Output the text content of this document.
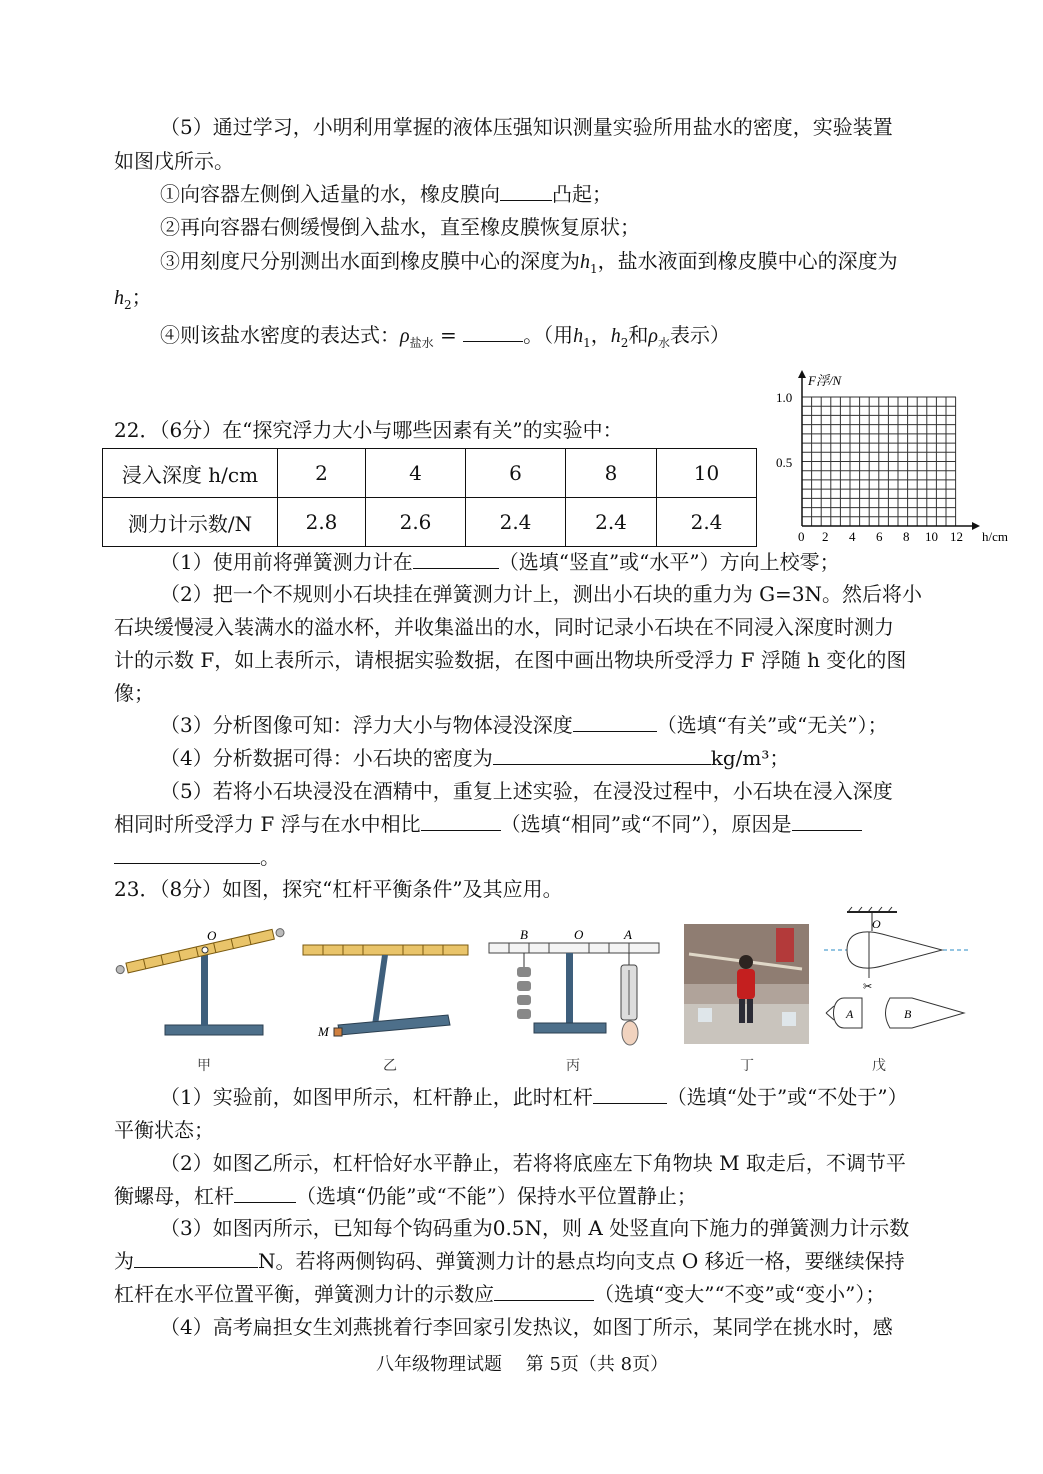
（5）通过学习，小明利用掌握的液体压强知识测量实验所用盐水的密度，实验装置
如图戊所示。
①向容器左侧倒入适量的水，橡皮膜向	凸起；
②再向容器右侧缓慢倒入盐水，直至橡皮膜恢复原状；
③用刻度尺分别测出水面到橡皮膜中心的深度为$h_1$，盐水液面到橡皮膜中心的深度为
$h_2$；
④则该盐水密度的表达式：$\rho_{盐水}$ =	。（用$h_1$，$h_2$和$\rho_水$表示）
22．（6分）在“探究浮力大小与哪些因素有关”的实验中：
浸入深度 h/cm	2	4	6	8	10
测力计示数/N	2.8	2.6	2.4	2.4	2.4
F浮/N
h/cm
1.0
0.5
0 2 4 6 8 10 12
（1）使用前将弹簧测力计在	（选填“竖直”或“水平”）方向上校零；
（2）把一个不规则小石块挂在弹簧测力计上，测出小石块的重力为 G=3N。然后将小
石块缓慢浸入装满水的溢水杯，并收集溢出的水，同时记录小石块在不同浸入深度时测力
计的示数 F，如上表所示，请根据实验数据，在图中画出物块所受浮力 F 浮随 h 变化的图
像；
（3）分析图像可知：浮力大小与物体浸没深度	（选填“有关”或“无关”）；
（4）分析数据可得：小石块的密度为	kg/m³；
（5）若将小石块浸没在酒精中，重复上述实验，在浸没过程中，小石块在浸入深度
相同时所受浮力 F 浮与在水中相比	（选填“相同”或“不同”），原因是
。
23．（8分）如图，探究“杠杆平衡条件”及其应用。
O
M
B	O	A
✂
O
A	B
甲	乙	丙	丁	戊
（1）实验前，如图甲所示，杠杆静止，此时杠杆	（选填“处于”或“不处于”）
平衡状态；
（2）如图乙所示，杠杆恰好水平静止，若将将底座左下角物块 M 取走后，不调节平
衡螺母，杠杆	（选填“仍能”或“不能”）保持水平位置静止；
（3）如图丙所示，已知每个钩码重为0.5N，则 A 处竖直向下施力的弹簧测力计示数
为	N。若将两侧钩码、弹簧测力计的悬点均向支点 O 移近一格，要继续保持
杠杆在水平位置平衡，弹簧测力计的示数应	（选填“变大”“不变”或“变小”）；
（4）高考扁担女生刘燕挑着行李回家引发热议，如图丁所示，某同学在挑水时，感
八年级物理试题　 第 5页（共 8页）
